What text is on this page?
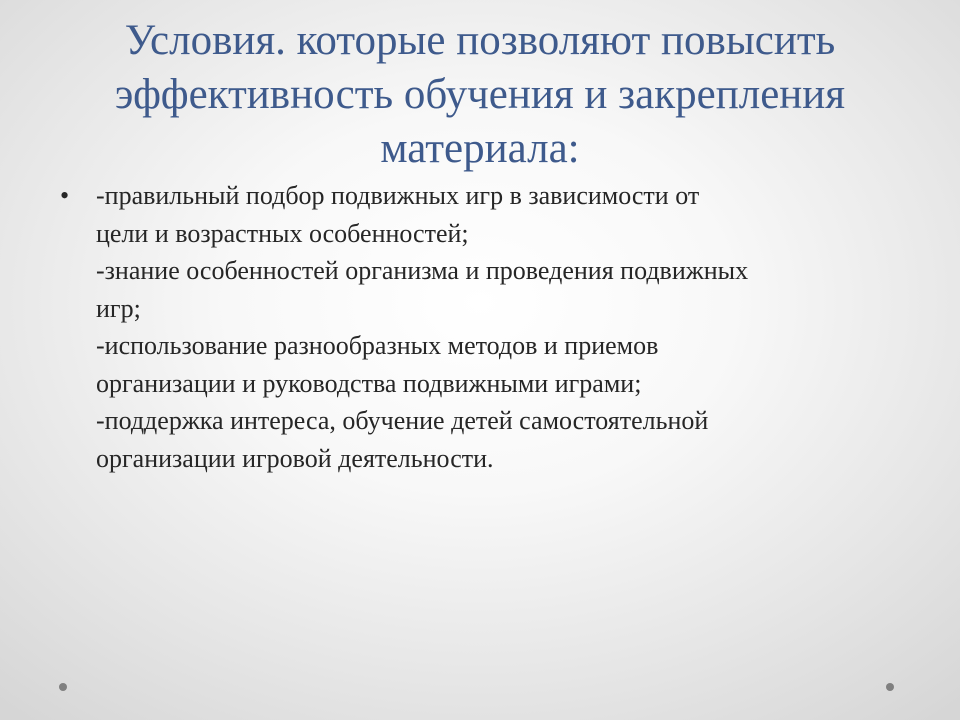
Условия. которые позволяют повысить
эффективность обучения и закрепления
материала:
• -правильный подбор подвижных игр в зависимости от
цели и возрастных особенностей;
-знание особенностей организма и проведения подвижных
игр;
-использование разнообразных методов и приемов
организации и руководства подвижными играми;
-поддержка интереса, обучение детей самостоятельной
организации игровой деятельности.
